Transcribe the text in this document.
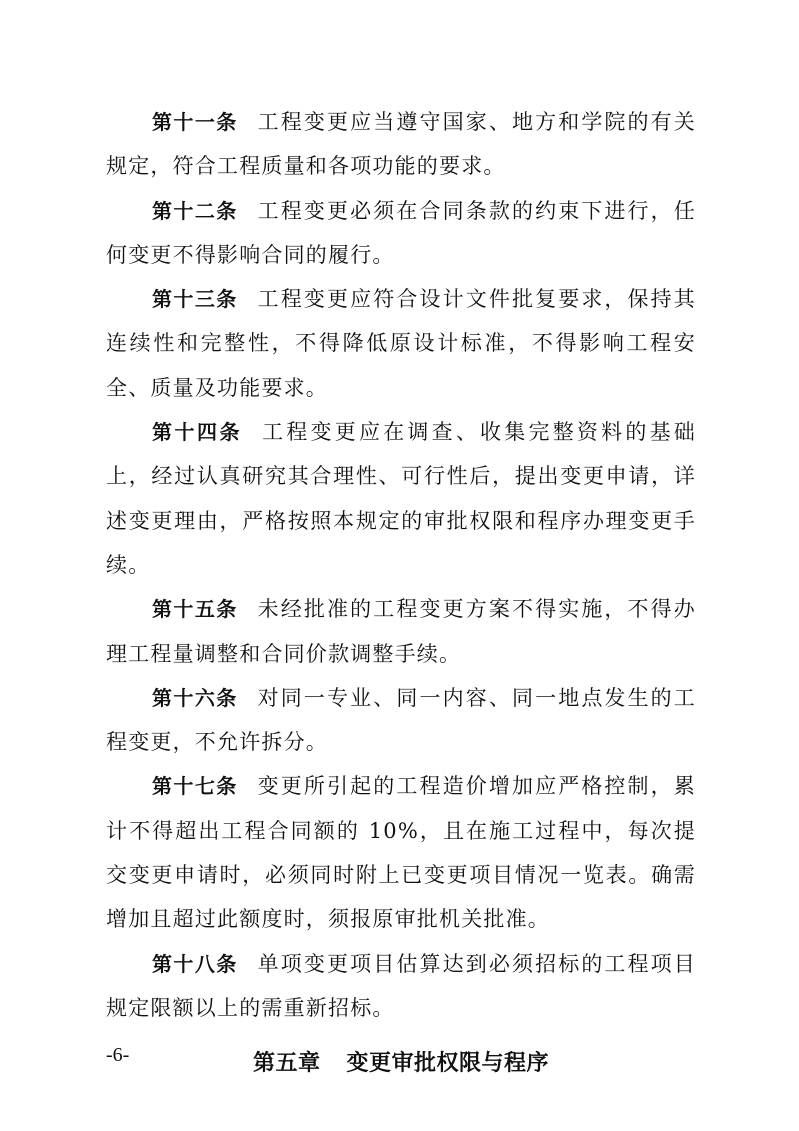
第十一条 工程变更应当遵守国家、地方和学院的有关规定，符合工程质量和各项功能的要求。

第十二条 工程变更必须在合同条款的约束下进行，任何变更不得影响合同的履行。

第十三条 工程变更应符合设计文件批复要求，保持其连续性和完整性，不得降低原设计标准，不得影响工程安全、质量及功能要求。

第十四条 工程变更应在调查、收集完整资料的基础上，经过认真研究其合理性、可行性后，提出变更申请，详述变更理由，严格按照本规定的审批权限和程序办理变更手续。

第十五条 未经批准的工程变更方案不得实施，不得办理工程量调整和合同价款调整手续。

第十六条 对同一专业、同一内容、同一地点发生的工程变更，不允许拆分。

第十七条 变更所引起的工程造价增加应严格控制，累计不得超出工程合同额的 10%，且在施工过程中，每次提交变更申请时，必须同时附上已变更项目情况一览表。确需增加且超过此额度时，须报原审批机关批准。

第十八条 单项变更项目估算达到必须招标的工程项目规定限额以上的需重新招标。

第五章 变更审批权限与程序
-6-
